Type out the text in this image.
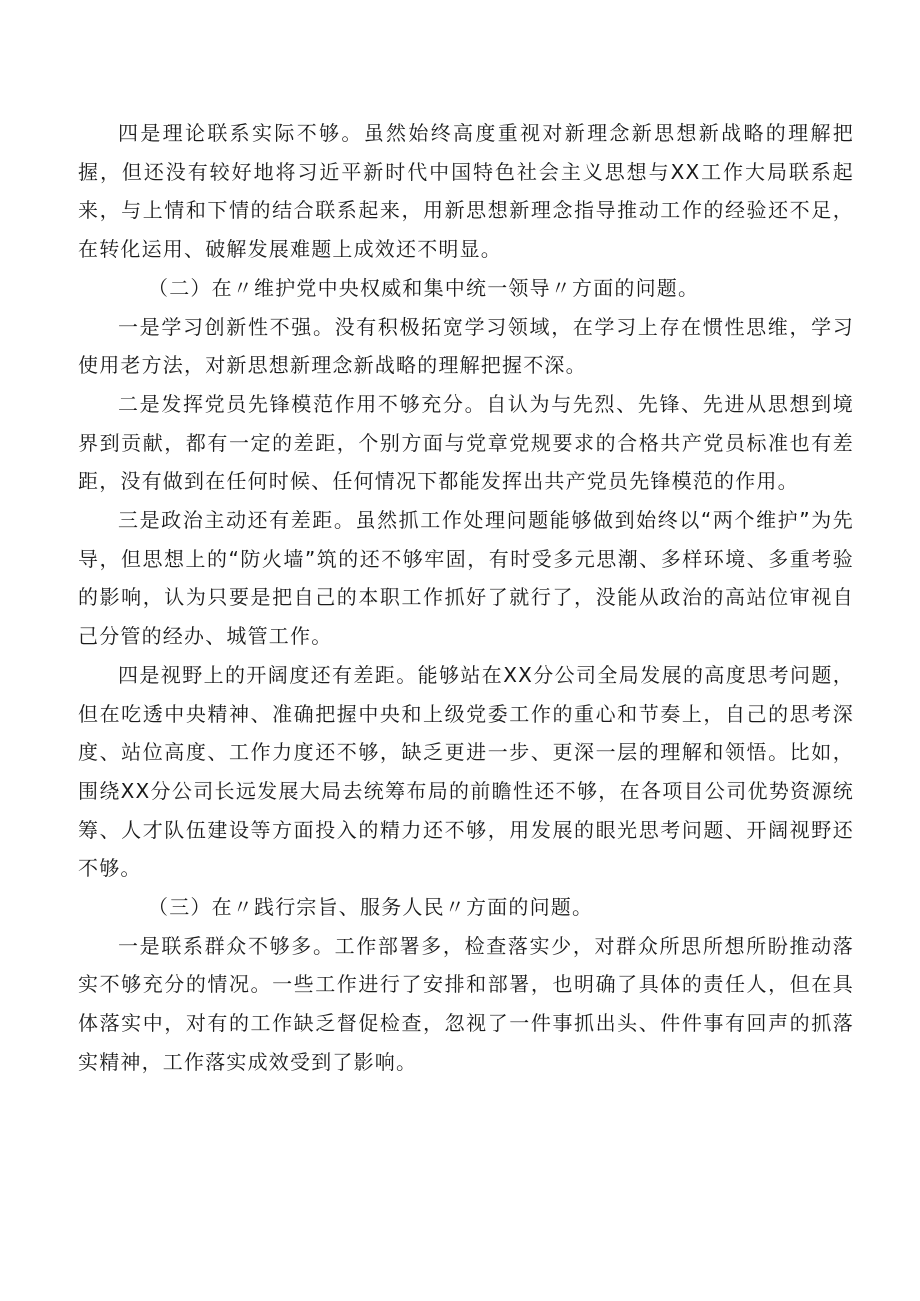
四是理论联系实际不够。虽然始终高度重视对新理念新思想新战略的理解把握，但还没有较好地将习近平新时代中国特色社会主义思想与XX工作大局联系起来，与上情和下情的结合联系起来，用新思想新理念指导推动工作的经验还不足，在转化运用、破解发展难题上成效还不明显。

（二）在〃维护党中央权威和集中统一领导〃方面的问题。

一是学习创新性不强。没有积极拓宽学习领域，在学习上存在惯性思维，学习使用老方法，对新思想新理念新战略的理解把握不深。

二是发挥党员先锋模范作用不够充分。自认为与先烈、先锋、先进从思想到境界到贡献，都有一定的差距，个别方面与党章党规要求的合格共产党员标准也有差距，没有做到在任何时候、任何情况下都能发挥出共产党员先锋模范的作用。

三是政治主动还有差距。虽然抓工作处理问题能够做到始终以“两个维护”为先导，但思想上的“防火墙”筑的还不够牢固，有时受多元思潮、多样环境、多重考验的影响，认为只要是把自己的本职工作抓好了就行了，没能从政治的高站位审视自己分管的经办、城管工作。

四是视野上的开阔度还有差距。能够站在XX分公司全局发展的高度思考问题，但在吃透中央精神、准确把握中央和上级党委工作的重心和节奏上，自己的思考深度、站位高度、工作力度还不够，缺乏更进一步、更深一层的理解和领悟。比如，围绕XX分公司长远发展大局去统筹布局的前瞻性还不够，在各项目公司优势资源统筹、人才队伍建设等方面投入的精力还不够，用发展的眼光思考问题、开阔视野还不够。

（三）在〃践行宗旨、服务人民〃方面的问题。

一是联系群众不够多。工作部署多，检查落实少，对群众所思所想所盼推动落实不够充分的情况。一些工作进行了安排和部署，也明确了具体的责任人，但在具体落实中，对有的工作缺乏督促检查，忽视了一件事抓出头、件件事有回声的抓落实精神，工作落实成效受到了影响。
